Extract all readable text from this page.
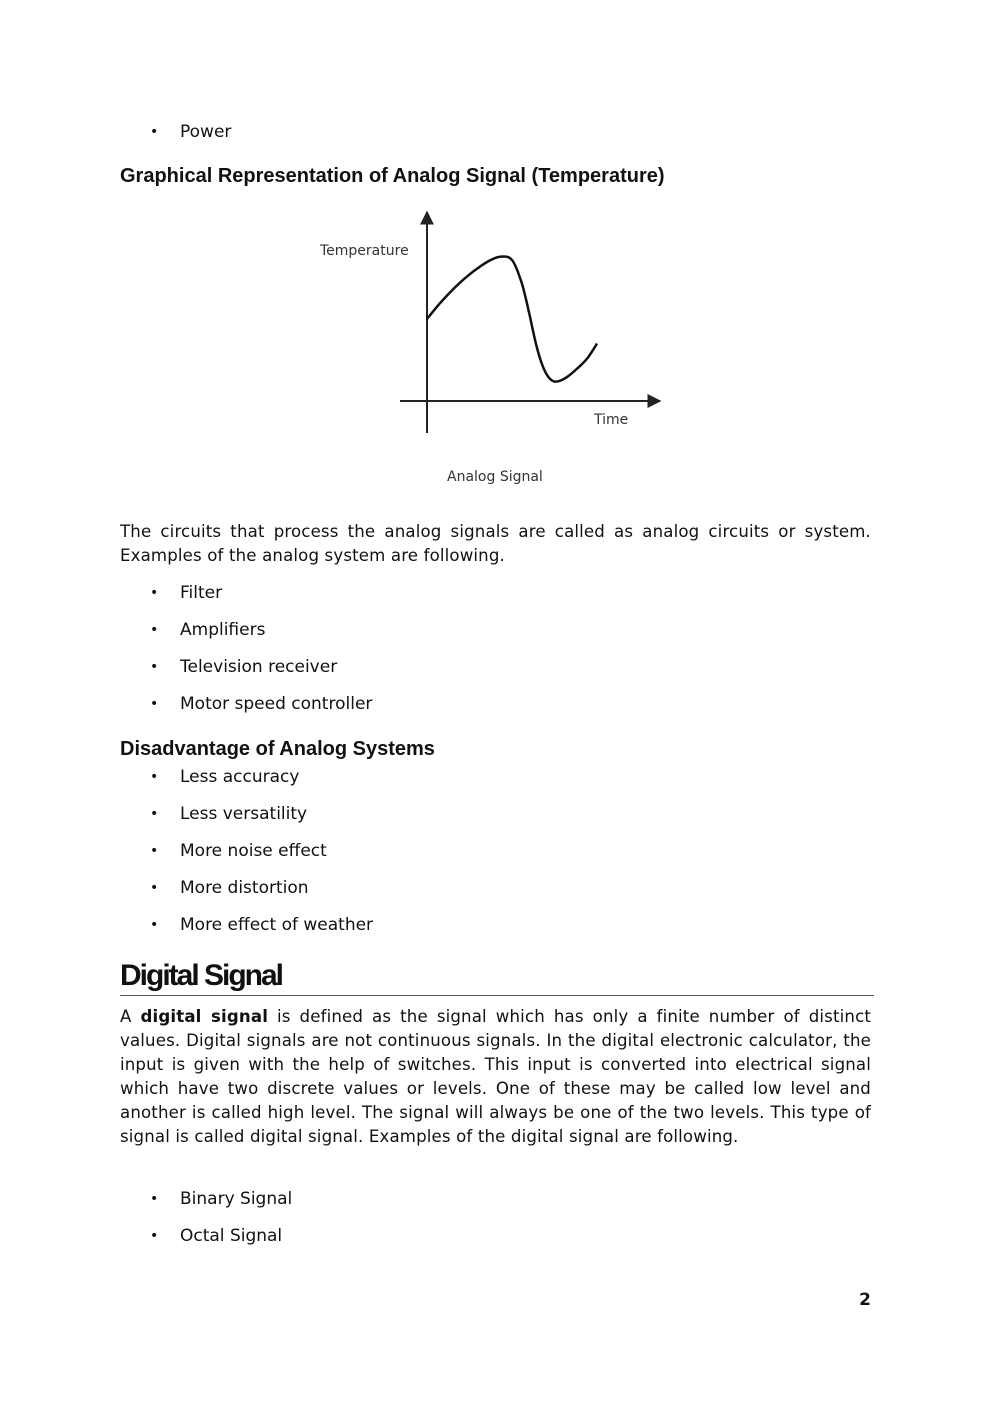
• Power
Graphical Representation of Analog Signal (Temperature)
Temperature
Time
Analog Signal

The circuits that process the analog signals are called as analog circuits or system. Examples of the analog system are following.

• Filter
• Amplifiers
• Television receiver
• Motor speed controller
Disadvantage of Analog Systems
• Less accuracy
• Less versatility
• More noise effect
• More distortion
• More effect of weather
Digital Signal

A digital signal is defined as the signal which has only a finite number of distinct values. Digital signals are not continuous signals. In the digital electronic calculator, the input is given with the help of switches. This input is converted into electrical signal which have two discrete values or levels. One of these may be called low level and another is called high level. The signal will always be one of the two levels. This type of signal is called digital signal. Examples of the digital signal are following.

• Binary Signal
• Octal Signal
2
